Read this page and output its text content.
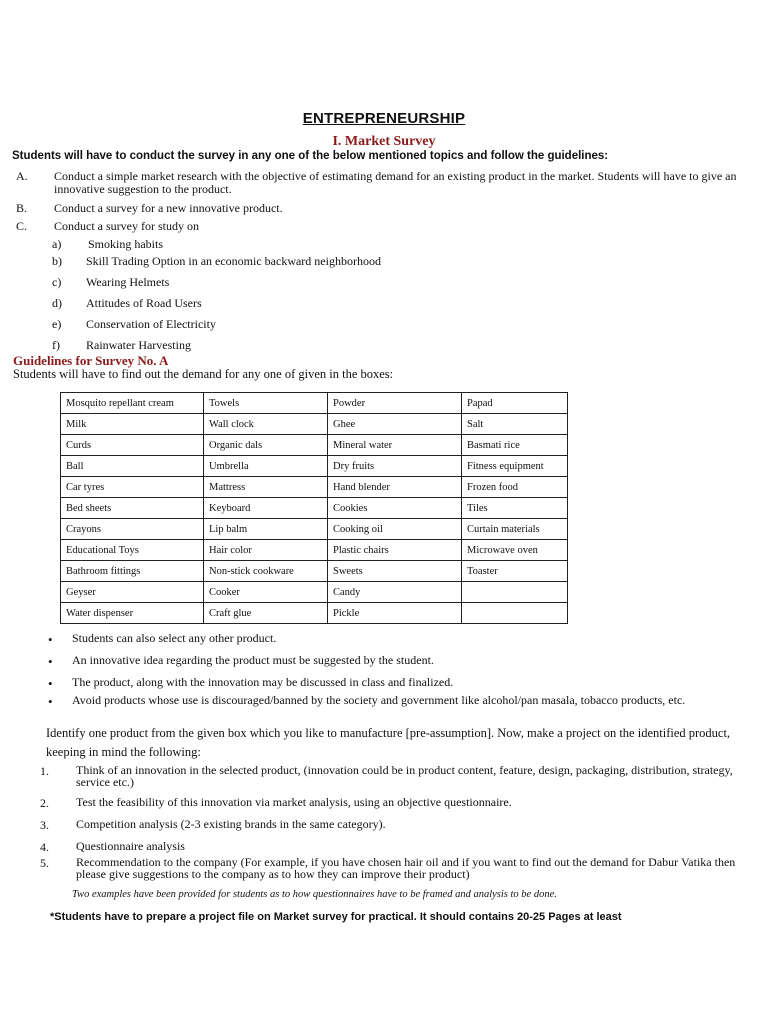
ENTREPRENEURSHIP
I. Market Survey
Students will have to conduct the survey in any one of the below mentioned topics and follow the guidelines:
A. Conduct a simple market research with the objective of estimating demand for an existing product in the market. Students will have to give an innovative suggestion to the product.
B. Conduct a survey for a new innovative product.
C. Conduct a survey for study on
a) Smoking habits
b) Skill Trading Option in an economic backward neighborhood
c) Wearing Helmets
d) Attitudes of Road Users
e) Conservation of Electricity
f) Rainwater Harvesting
Guidelines for Survey No. A
Students will have to find out the demand for any one of given in the boxes:
Mosquito repellant cream	Towels	Powder	Papad
Milk	Wall clock	Ghee	Salt
Curds	Organic dals	Mineral water	Basmati rice
Ball	Umbrella	Dry fruits	Fitness equipment
Car tyres	Mattress	Hand blender	Frozen food
Bed sheets	Keyboard	Cookies	Tiles
Crayons	Lip balm	Cooking oil	Curtain materials
Educational Toys	Hair color	Plastic chairs	Microwave oven
Bathroom fittings	Non-stick cookware	Sweets	Toaster
Geyser	Cooker	Candy	
Water dispenser	Craft glue	Pickle	
• Students can also select any other product.
• An innovative idea regarding the product must be suggested by the student.
• The product, along with the innovation may be discussed in class and finalized.
• Avoid products whose use is discouraged/banned by the society and government like alcohol/pan masala, tobacco products, etc.
Identify one product from the given box which you like to manufacture [pre-assumption]. Now, make a project on the identified product, keeping in mind the following:
1. Think of an innovation in the selected product, (innovation could be in product content, feature, design, packaging, distribution, strategy, service etc.)
2. Test the feasibility of this innovation via market analysis, using an objective questionnaire.
3. Competition analysis (2-3 existing brands in the same category).
4. Questionnaire analysis
5. Recommendation to the company (For example, if you have chosen hair oil and if you want to find out the demand for Dabur Vatika then please give suggestions to the company as to how they can improve their product)
Two examples have been provided for students as to how questionnaires have to be framed and analysis to be done.
*Students have to prepare a project file on Market survey for practical. It should contains 20-25 Pages at least
